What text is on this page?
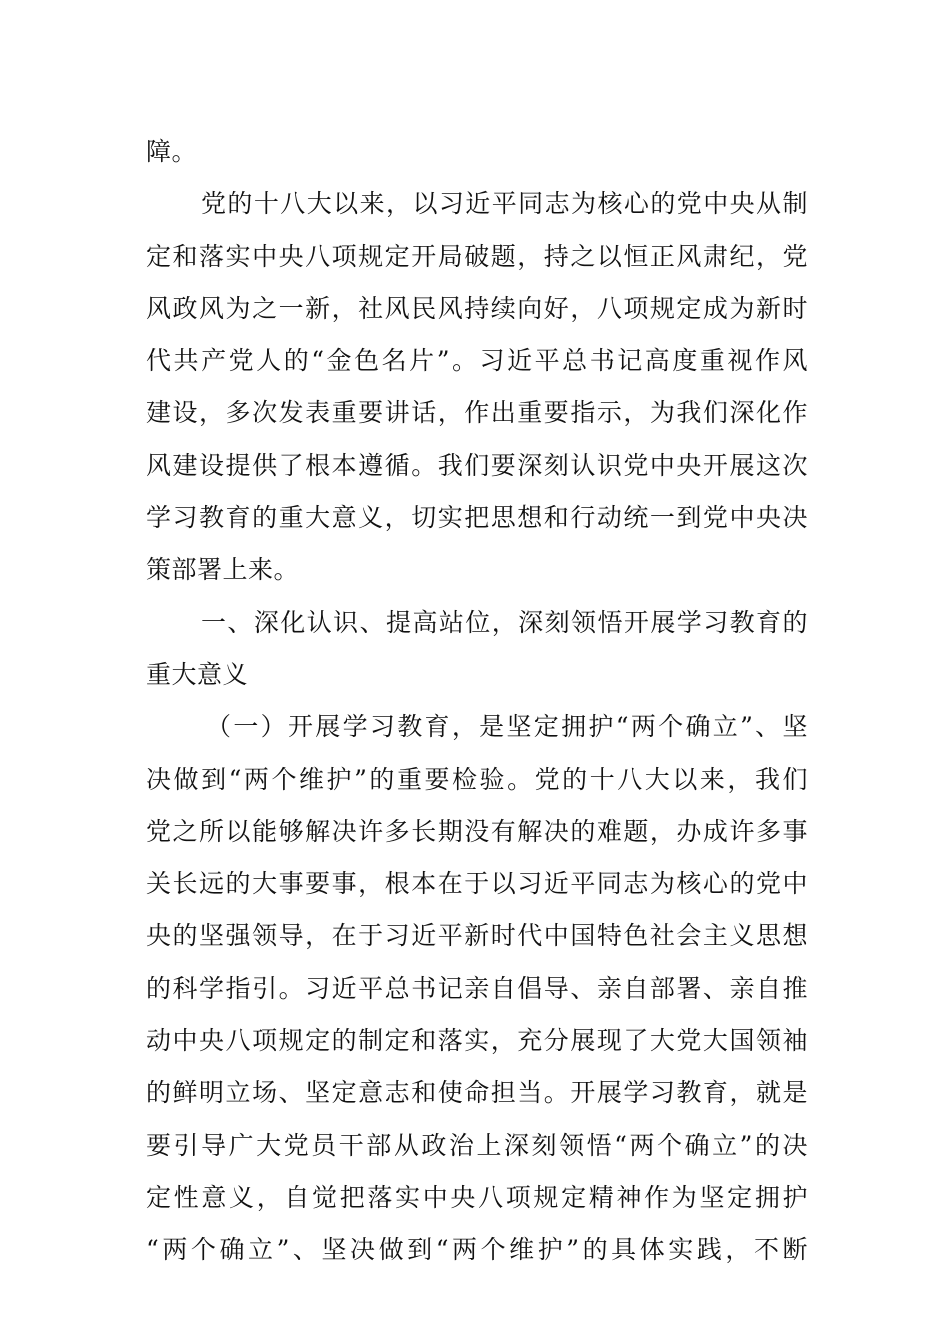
障。
党的十八大以来，以习近平同志为核心的党中央从制
定和落实中央八项规定开局破题，持之以恒正风肃纪，党
风政风为之一新，社风民风持续向好，八项规定成为新时
代共产党人的“金色名片”。习近平总书记高度重视作风
建设，多次发表重要讲话，作出重要指示，为我们深化作
风建设提供了根本遵循。我们要深刻认识党中央开展这次
学习教育的重大意义，切实把思想和行动统一到党中央决
策部署上来。
一、深化认识、提高站位，深刻领悟开展学习教育的
重大意义
（一）开展学习教育，是坚定拥护“两个确立”、坚
决做到“两个维护”的重要检验。党的十八大以来，我们
党之所以能够解决许多长期没有解决的难题，办成许多事
关长远的大事要事，根本在于以习近平同志为核心的党中
央的坚强领导，在于习近平新时代中国特色社会主义思想
的科学指引。习近平总书记亲自倡导、亲自部署、亲自推
动中央八项规定的制定和落实，充分展现了大党大国领袖
的鲜明立场、坚定意志和使命担当。开展学习教育，就是
要引导广大党员干部从政治上深刻领悟“两个确立”的决
定性意义，自觉把落实中央八项规定精神作为坚定拥护
“两个确立”、坚决做到“两个维护”的具体实践，不断
